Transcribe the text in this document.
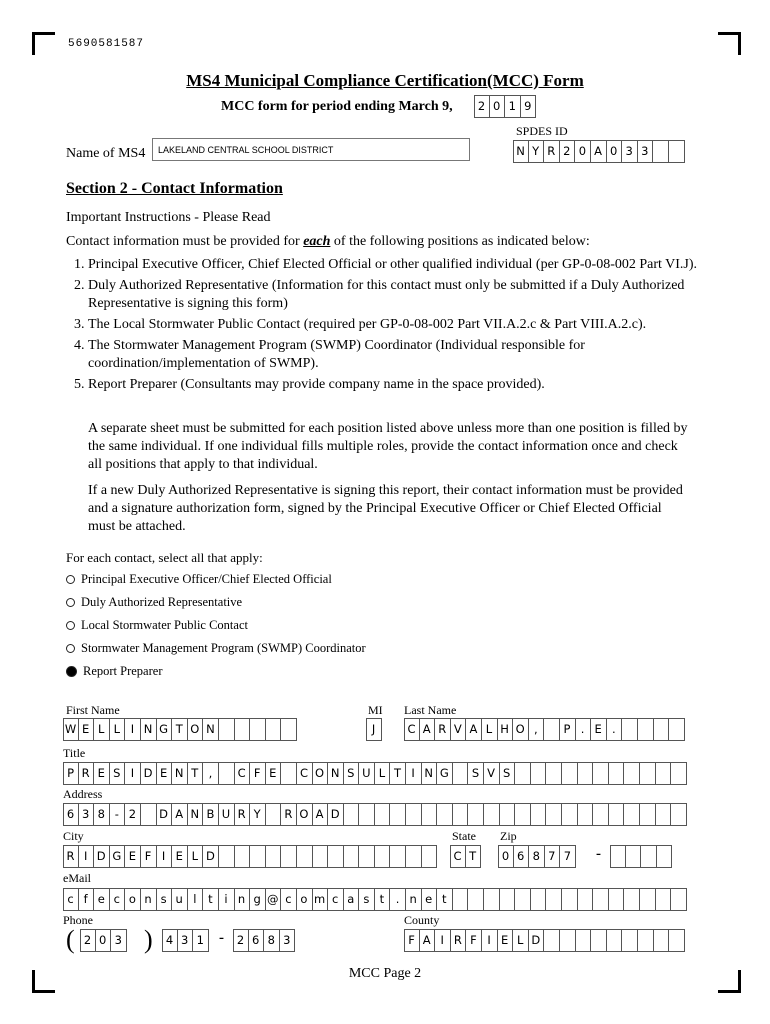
5690581587
MS4 Municipal Compliance Certification(MCC) Form
MCC form for period ending March 9,	2 0 1 9
SPDES ID
N Y R 2 0 A 0 3 3
Name of MS4	LAKELAND CENTRAL SCHOOL DISTRICT
Section 2 - Contact Information
Important Instructions - Please Read
Contact information must be provided for each of the following positions as indicated below:
1. Principal Executive Officer, Chief Elected Official or other qualified individual (per GP-0-08-002 Part VI.J).
2. Duly Authorized Representative (Information for this contact must only be submitted if a Duly Authorized Representative is signing this form)
3. The Local Stormwater Public Contact (required per GP-0-08-002 Part VII.A.2.c & Part VIII.A.2.c).
4. The Stormwater Management Program (SWMP) Coordinator (Individual responsible for coordination/implementation of SWMP).
5. Report Preparer (Consultants may provide company name in the space provided).
A separate sheet must be submitted for each position listed above unless more than one position is filled by the same individual. If one individual fills multiple roles, provide the contact information once and check all positions that apply to that individual.
If a new Duly Authorized Representative is signing this report, their contact information must be provided and a signature authorization form, signed by the Principal Executive Officer or Chief Elected Official must be attached.
For each contact, select all that apply:
Principal Executive Officer/Chief Elected Official
Duly Authorized Representative
Local Stormwater Public Contact
Stormwater Management Program (SWMP) Coordinator
Report Preparer
First Name	MI Last Name
W E L L I N G T O N	J	C A R V A L H O ,	P . E .
Title
P R E S I D E N T ,	C F E	C O N S U L T I N G	S V S
Address
6 3 8 - 2	D A N B U R Y	R O A D
City	State Zip
R I D G E F I E L D	C T	0 6 8 7 7 -
eMail
c f e c o n s u l t i n g @ c o m c a s t . n e t
Phone	County
( 2 0 3 )	4 3 1 -	2 6 8 3	F A I R F I E L D
MCC Page 2
